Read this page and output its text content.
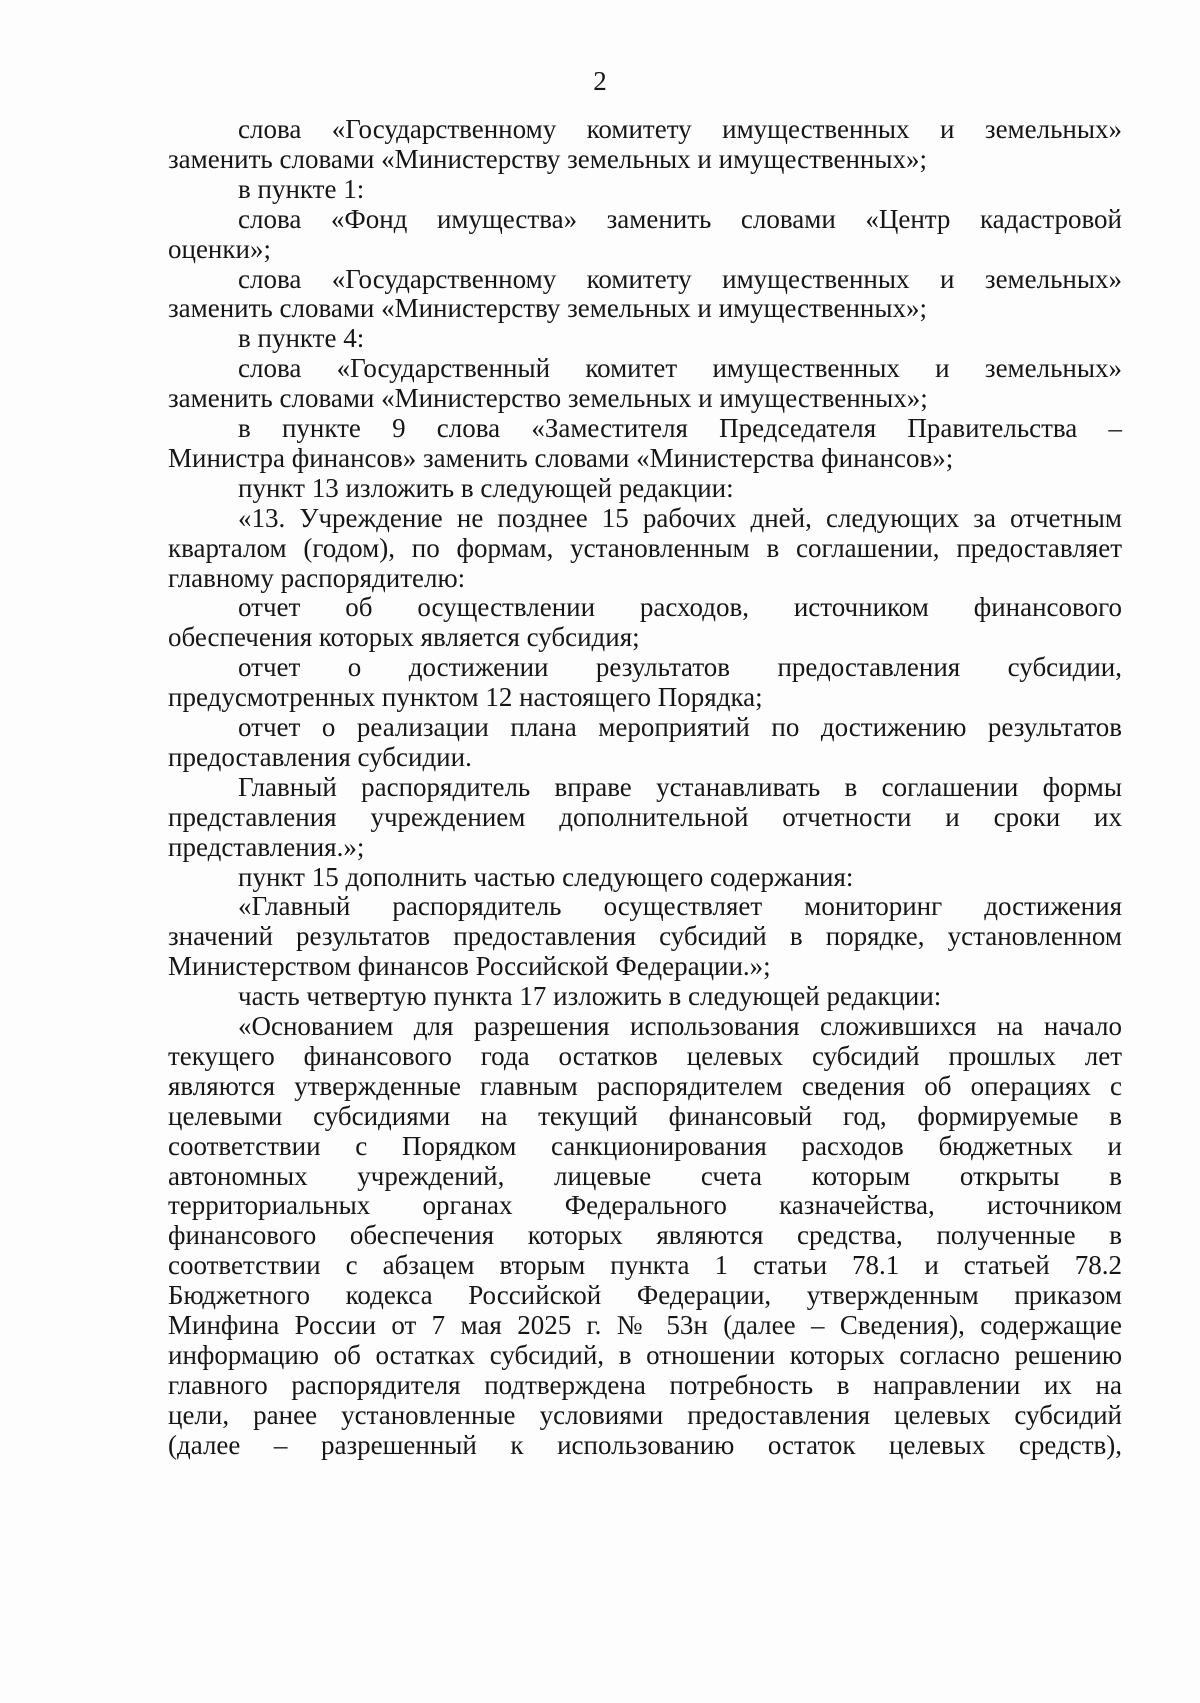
2
слова «Государственному комитету имущественных и земельных»
заменить словами «Министерству земельных и имущественных»;
в пункте 1:
слова «Фонд имущества» заменить словами «Центр кадастровой
оценки»;
слова «Государственному комитету имущественных и земельных»
заменить словами «Министерству земельных и имущественных»;
в пункте 4:
слова «Государственный комитет имущественных и земельных»
заменить словами «Министерство земельных и имущественных»;
в пункте 9 слова «Заместителя Председателя Правительства –
Министра финансов» заменить словами «Министерства финансов»;
пункт 13 изложить в следующей редакции:
«13. Учреждение не позднее 15 рабочих дней, следующих за отчетным
кварталом (годом), по формам, установленным в соглашении, предоставляет
главному распорядителю:
отчет об осуществлении расходов, источником финансового
обеспечения которых является субсидия;
отчет о достижении результатов предоставления субсидии,
предусмотренных пунктом 12 настоящего Порядка;
отчет о реализации плана мероприятий по достижению результатов
предоставления субсидии.
Главный распорядитель вправе устанавливать в соглашении формы
представления учреждением дополнительной отчетности и сроки их
представления.»;
пункт 15 дополнить частью следующего содержания:
«Главный распорядитель осуществляет мониторинг достижения
значений результатов предоставления субсидий в порядке, установленном
Министерством финансов Российской Федерации.»;
часть четвертую пункта 17 изложить в следующей редакции:
«Основанием для разрешения использования сложившихся на начало
текущего финансового года остатков целевых субсидий прошлых лет
являются утвержденные главным распорядителем сведения об операциях с
целевыми субсидиями на текущий финансовый год, формируемые в
соответствии с Порядком санкционирования расходов бюджетных и
автономных учреждений, лицевые счета которым открыты в
территориальных органах Федерального казначейства, источником
финансового обеспечения которых являются средства, полученные в
соответствии с абзацем вторым пункта 1 статьи 78.1 и статьей 78.2
Бюджетного кодекса Российской Федерации, утвержденным приказом
Минфина России от 7 мая 2025 г. № 53н (далее – Сведения), содержащие
информацию об остатках субсидий, в отношении которых согласно решению
главного распорядителя подтверждена потребность в направлении их на
цели, ранее установленные условиями предоставления целевых субсидий
(далее – разрешенный к использованию остаток целевых средств),
